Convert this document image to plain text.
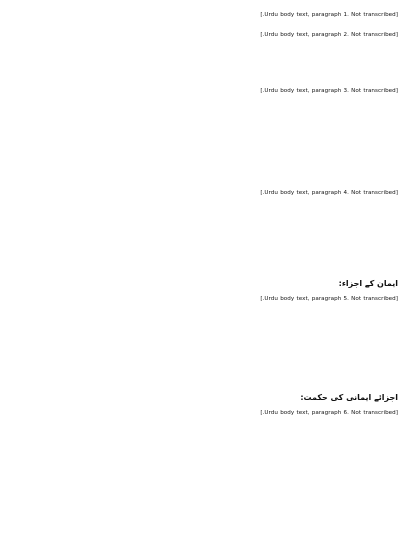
[Urdu body text, paragraph 1. Not transcribed.]

[Urdu body text, paragraph 2. Not transcribed.]

[Urdu body text, paragraph 3. Not transcribed.]

[Urdu body text, paragraph 4. Not transcribed.]

ایمان کے اجزاء:

[Urdu body text, paragraph 5. Not transcribed.]

اجزائے ایمانی کی حکمت:

[Urdu body text, paragraph 6. Not transcribed.]
